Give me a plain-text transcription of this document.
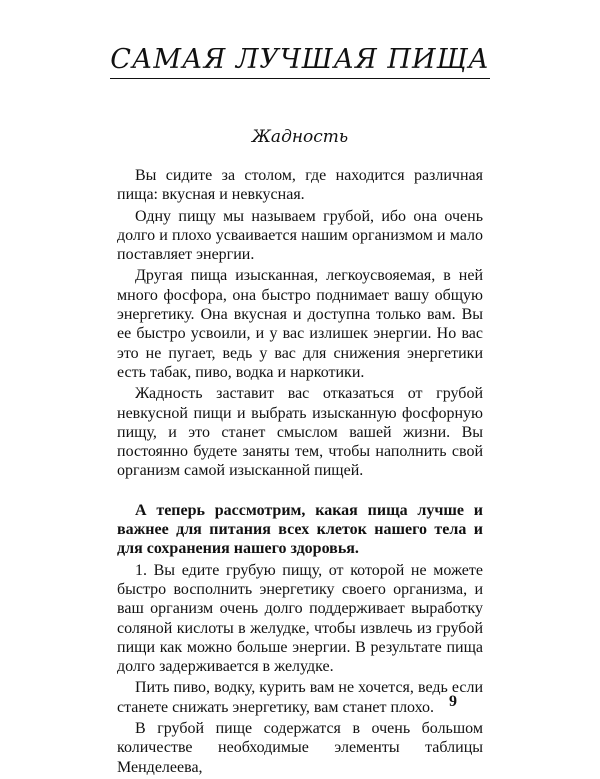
САМАЯ ЛУЧШАЯ ПИЩА
Жадность

Вы сидите за столом, где находится различная пища: вкусная и невкусная.

Одну пищу мы называем грубой, ибо она очень долго и плохо усваивается нашим организмом и мало поставляет энергии.

Другая пища изысканная, легкоусвояемая, в ней много фосфора, она быстро поднимает вашу общую энергетику. Она вкусная и доступна только вам. Вы ее быстро усвоили, и у вас излишек энергии. Но вас это не пугает, ведь у вас для снижения энергетики есть табак, пиво, водка и наркотики.

Жадность заставит вас отказаться от грубой невкусной пищи и выбрать изысканную фосфорную пищу, и это станет смыслом вашей жизни. Вы постоянно будете заняты тем, чтобы наполнить свой организм самой изысканной пищей.

А теперь рассмотрим, какая пища лучше и важнее для питания всех клеток нашего тела и для сохранения нашего здоровья.

1. Вы едите грубую пищу, от которой не можете быстро восполнить энергетику своего организма, и ваш организм очень долго поддерживает выработку соляной кислоты в желудке, чтобы извлечь из грубой пищи как можно больше энергии. В результате пища долго задерживается в желудке.

Пить пиво, водку, курить вам не хочется, ведь если станете снижать энергетику, вам станет плохо.

В грубой пище содержатся в очень большом количестве необходимые элементы таблицы Менделеева,

9
